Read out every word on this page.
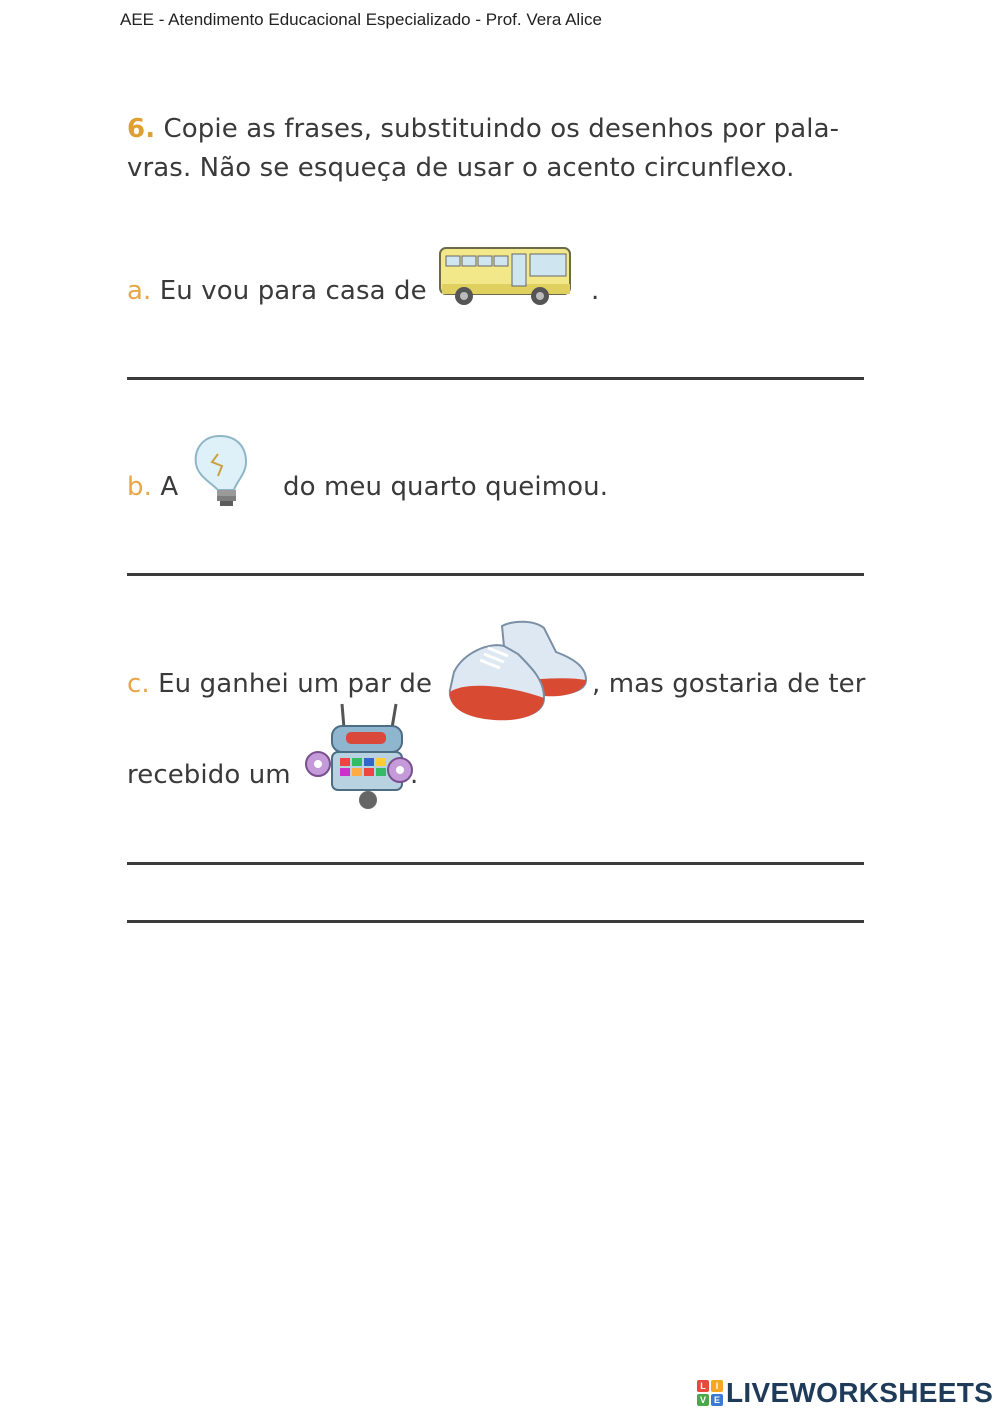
AEE - Atendimento Educacional Especializado - Prof. Vera Alice
6. Copie as frases, substituindo os desenhos por pala-
vras. Não se esqueça de usar o acento circunflexo.
a. Eu vou para casa de	.
b. A	do meu quarto queimou.
c. Eu ganhei um par de	, mas gostaria de ter
recebido um	.
L	I
V E LIVEWORKSHEETS
